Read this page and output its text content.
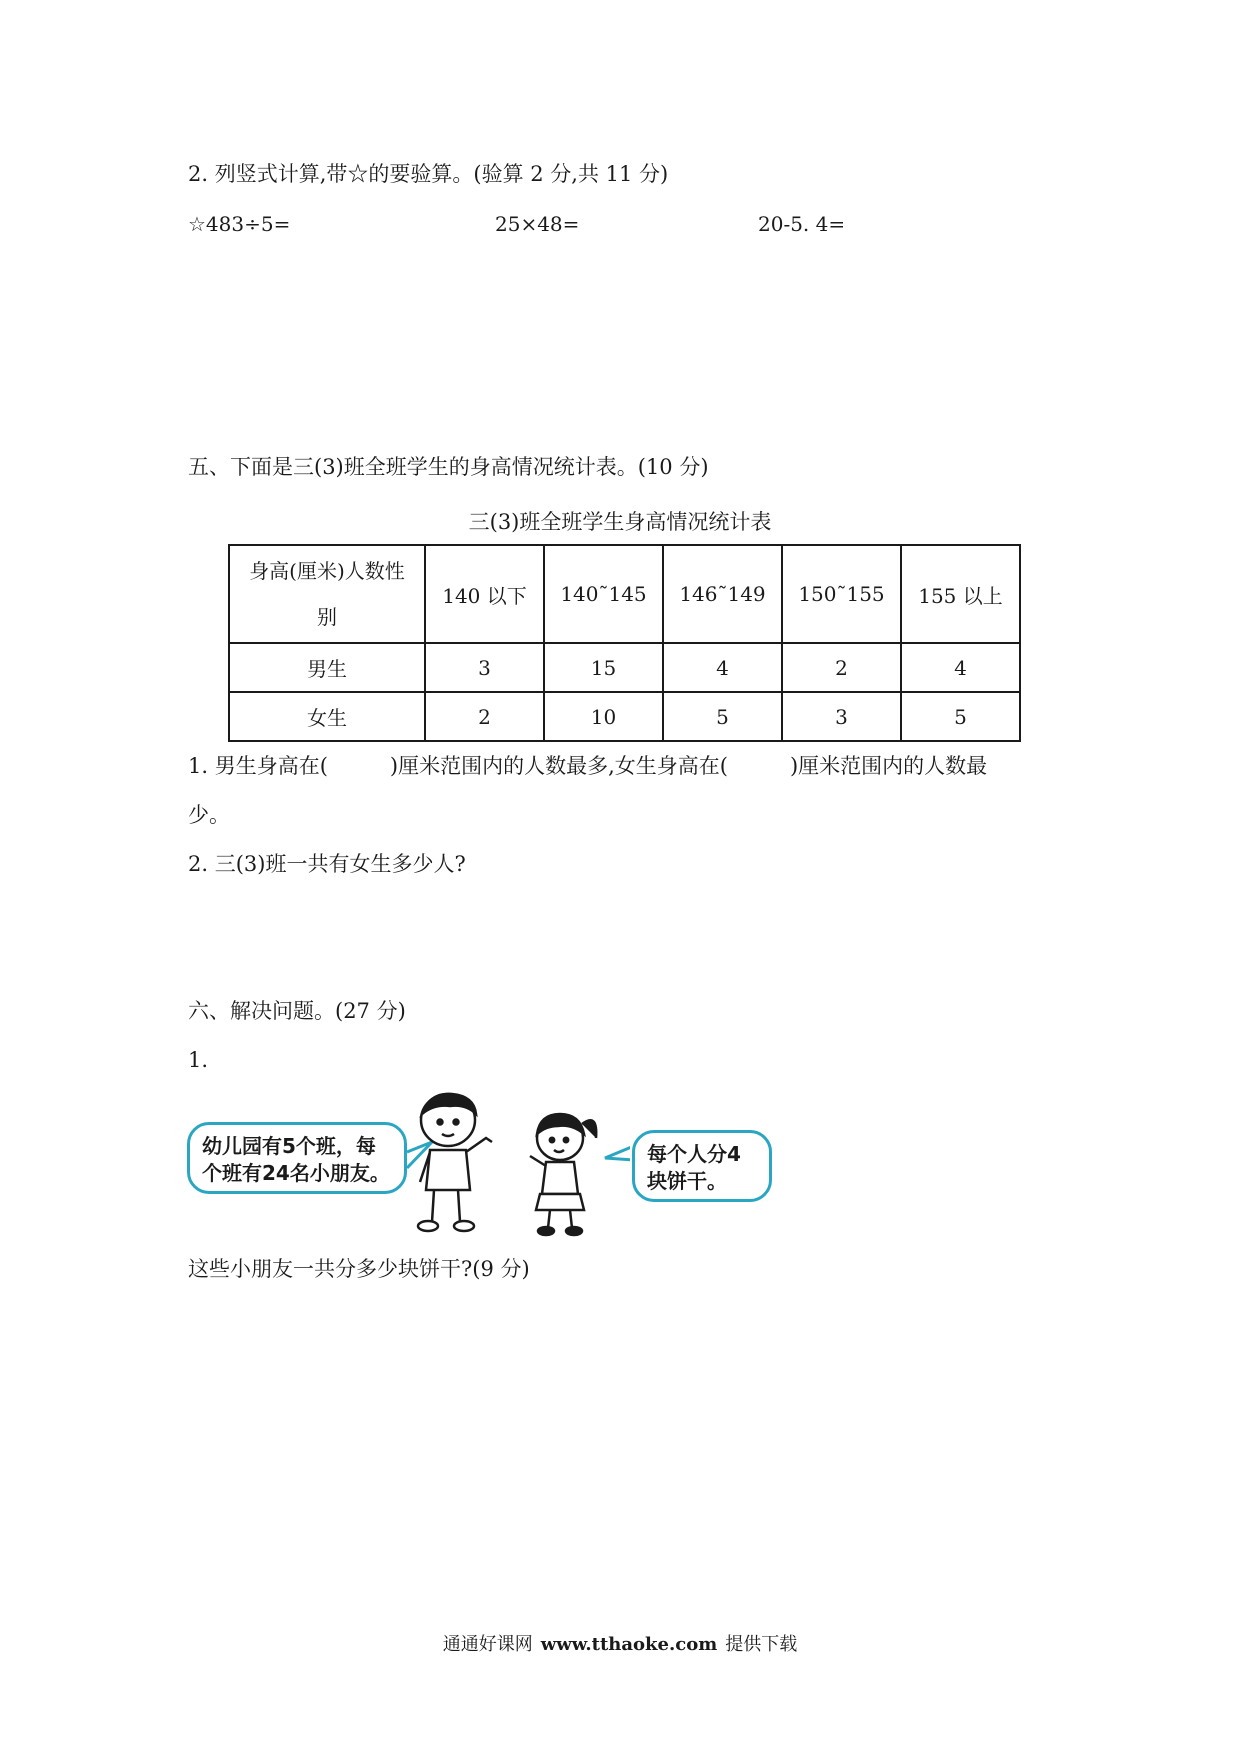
2. 列竖式计算,带☆的要验算。(验算 2 分,共 11 分)
☆483÷5=	25×48=	20-5. 4=
五、下面是三(3)班全班学生的身高情况统计表。(10 分)
三(3)班全班学生身高情况统计表
身高(厘米)人数性
别	140 以下	140˜145	146˜149	150˜155	155 以上
男生	3	15	4	2	4
女生	2	10	5	3	5
1. 男生身高在(	)厘米范围内的人数最多,女生身高在(	)厘米范围内的人数最
少。
2. 三(3)班一共有女生多少人?
六、解决问题。(27 分)
1.
幼儿园有5个班，每个班有24名小朋友。
每个人分4块饼干。
这些小朋友一共分多少块饼干?(9 分)
通通好课网 www.tthaoke.com 提供下载
